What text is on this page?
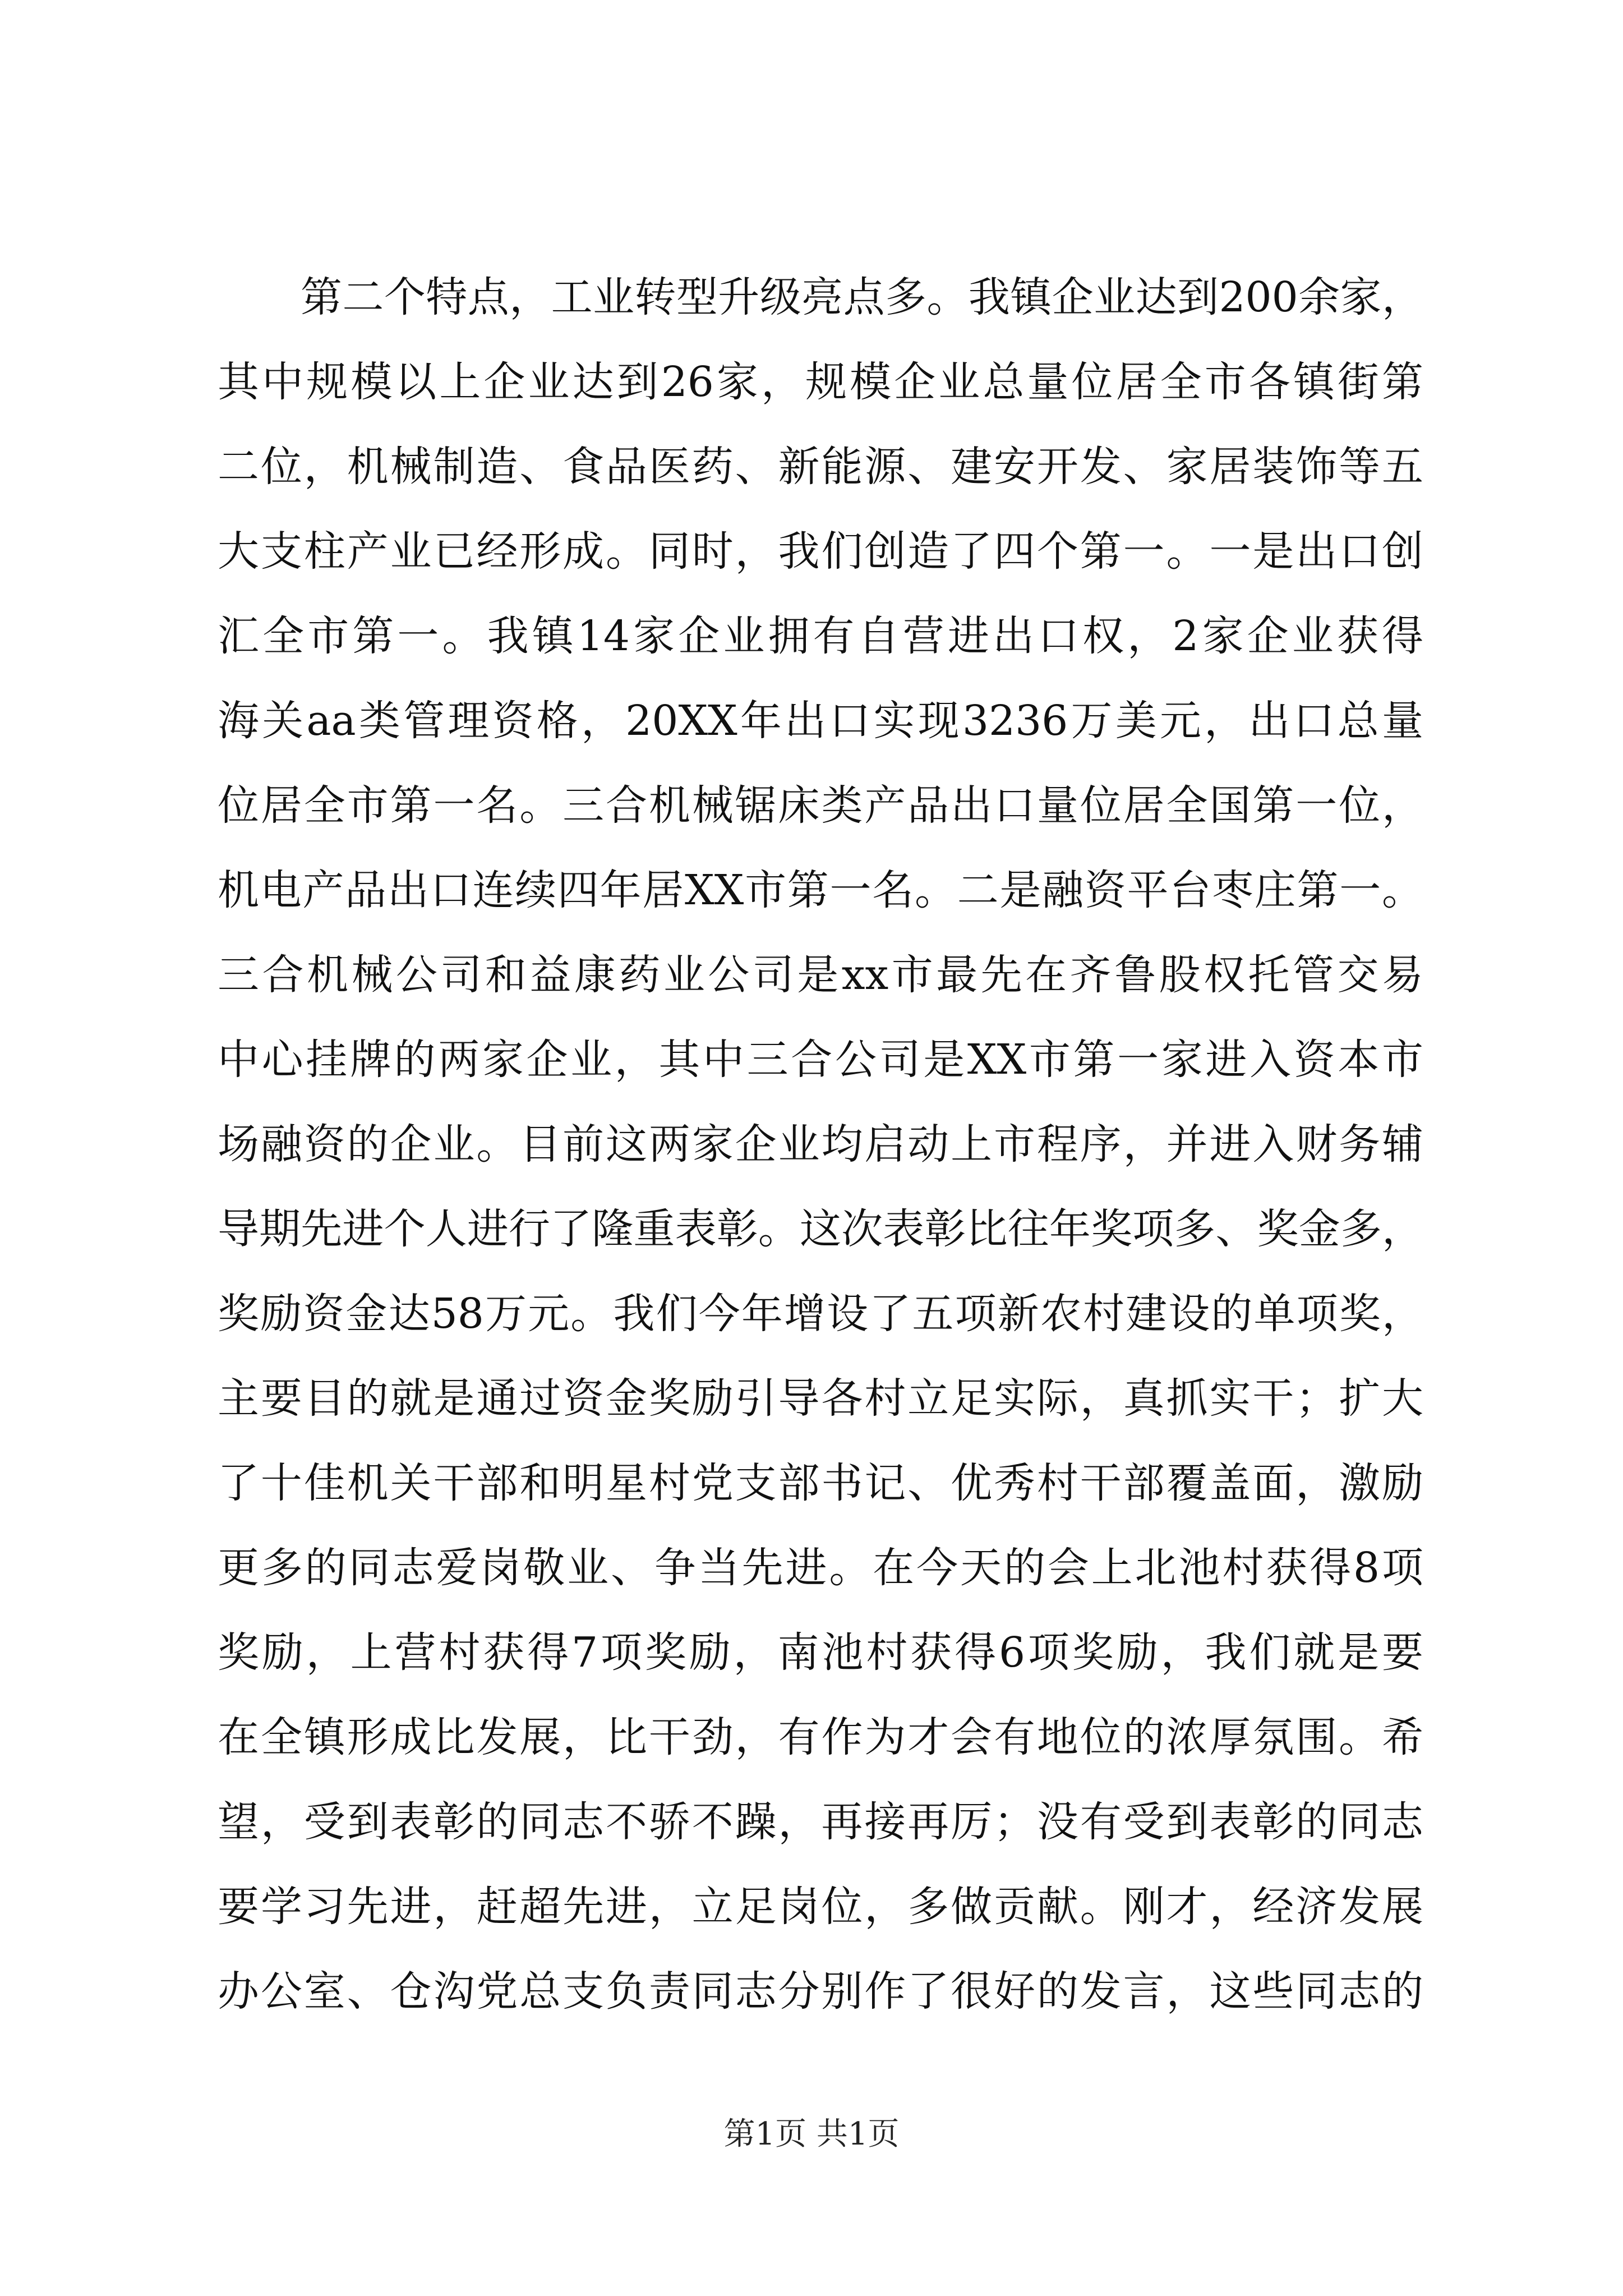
第二个特点，工业转型升级亮点多。我镇企业达到200余家，
其中规模以上企业达到26家，规模企业总量位居全市各镇街第
二位，机械制造、食品医药、新能源、建安开发、家居装饰等五
大支柱产业已经形成。同时，我们创造了四个第一。一是出口创
汇全市第一。我镇14家企业拥有自营进出口权，2家企业获得
海关aa类管理资格，20XX年出口实现3236万美元，出口总量
位居全市第一名。三合机械锯床类产品出口量位居全国第一位，
机电产品出口连续四年居XX市第一名。二是融资平台枣庄第一。
三合机械公司和益康药业公司是xx市最先在齐鲁股权托管交易
中心挂牌的两家企业，其中三合公司是XX市第一家进入资本市
场融资的企业。目前这两家企业均启动上市程序，并进入财务辅
导期先进个人进行了隆重表彰。这次表彰比往年奖项多、奖金多，
奖励资金达58万元。我们今年增设了五项新农村建设的单项奖，
主要目的就是通过资金奖励引导各村立足实际，真抓实干；扩大
了十佳机关干部和明星村党支部书记、优秀村干部覆盖面，激励
更多的同志爱岗敬业、争当先进。在今天的会上北池村获得8项
奖励，上营村获得7项奖励，南池村获得6项奖励，我们就是要
在全镇形成比发展，比干劲，有作为才会有地位的浓厚氛围。希
望，受到表彰的同志不骄不躁，再接再厉；没有受到表彰的同志
要学习先进，赶超先进，立足岗位，多做贡献。刚才，经济发展
办公室、仓沟党总支负责同志分别作了很好的发言，这些同志的
第1页 共1页
